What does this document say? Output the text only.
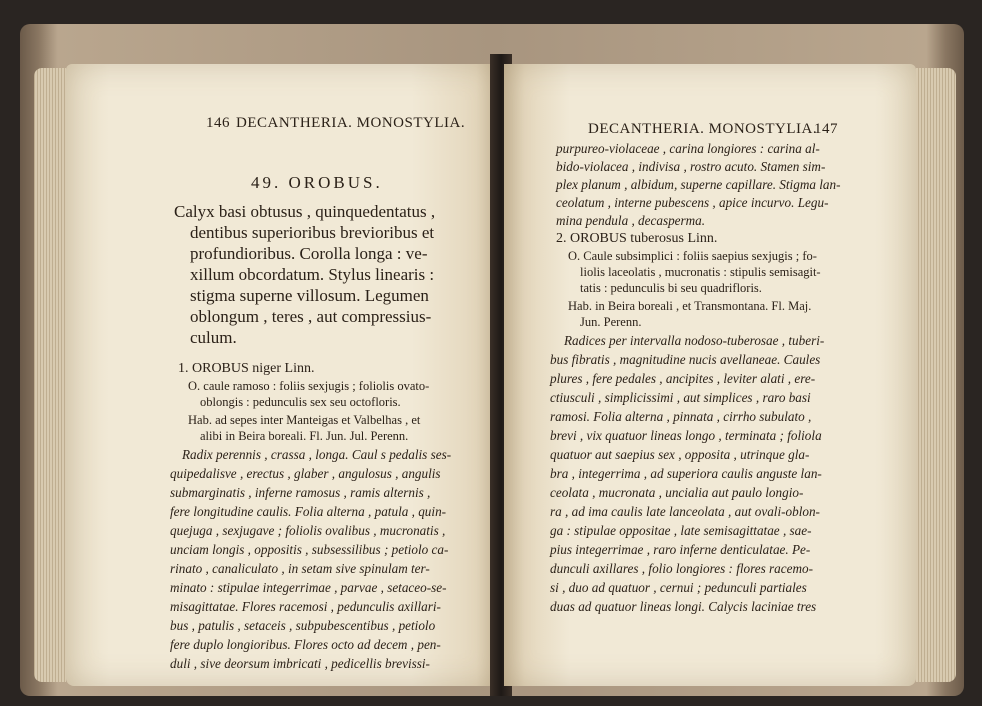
146 DECANTHERIA. MONOSTYLIA.
49. OROBUS.
Calyx basi obtusus , quinquedentatus ,
dentibus superioribus brevioribus et
profundioribus. Corolla longa : ve-
xillum obcordatum. Stylus linearis :
stigma superne villosum. Legumen
oblongum , teres , aut compressius-
culum.
1. OROBUS niger Linn.
O. caule ramoso : foliis sexjugis ; foliolis ovato-
oblongis : pedunculis sex seu octofloris.
Hab. ad sepes inter Manteigas et Valbelhas , et
alibi in Beira boreali. Fl. Jun. Jul. Perenn.
Radix perennis , crassa , longa. Caul s pedalis ses-
quipedalisve , erectus , glaber , angulosus , angulis
submarginatis , inferne ramosus , ramis alternis ,
fere longitudine caulis. Folia alterna , patula , quin-
quejuga , sexjugave ; foliolis ovalibus , mucronatis ,
unciam longis , oppositis , subsessilibus ; petiolo ca-
rinato , canaliculato , in setam sive spinulam ter-
minato : stipulae integerrimae , parvae , setaceo-se-
misagittatae. Flores racemosi , pedunculis axillari-
bus , patulis , setaceis , subpubescentibus , petiolo
fere duplo longioribus. Flores octo ad decem , pen-
duli , sive deorsum imbricati , pedicellis brevissi-
DECANTHERIA. MONOSTYLIA.
147
purpureo-violaceae , carina longiores : carina al-
bido-violacea , indivisa , rostro acuto. Stamen sim-
plex planum , albidum, superne capillare. Stigma lan-
ceolatum , interne pubescens , apice incurvo. Legu-
mina pendula , decasperma.
2. OROBUS tuberosus Linn.
O. Caule subsimplici : foliis saepius sexjugis ; fo-
liolis laceolatis , mucronatis : stipulis semisagit-
tatis : pedunculis bi seu quadrifloris.
Hab. in Beira boreali , et Transmontana. Fl. Maj.
Jun. Perenn.
Radices per intervalla nodoso-tuberosae , tuberi-
bus fibratis , magnitudine nucis avellaneae. Caules
plures , fere pedales , ancipites , leviter alati , ere-
ctiusculi , simplicissimi , aut simplices , raro basi
ramosi. Folia alterna , pinnata , cirrho subulato ,
brevi , vix quatuor lineas longo , terminata ; foliola
quatuor aut saepius sex , opposita , utrinque gla-
bra , integerrima , ad superiora caulis anguste lan-
ceolata , mucronata , uncialia aut paulo longio-
ra , ad ima caulis late lanceolata , aut ovali-oblon-
ga : stipulae oppositae , late semisagittatae , sae-
pius integerrimae , raro inferne denticulatae. Pe-
dunculi axillares , folio longiores : flores racemo-
si , duo ad quatuor , cernui ; pedunculi partiales
duas ad quatuor lineas longi. Calycis laciniae tres
